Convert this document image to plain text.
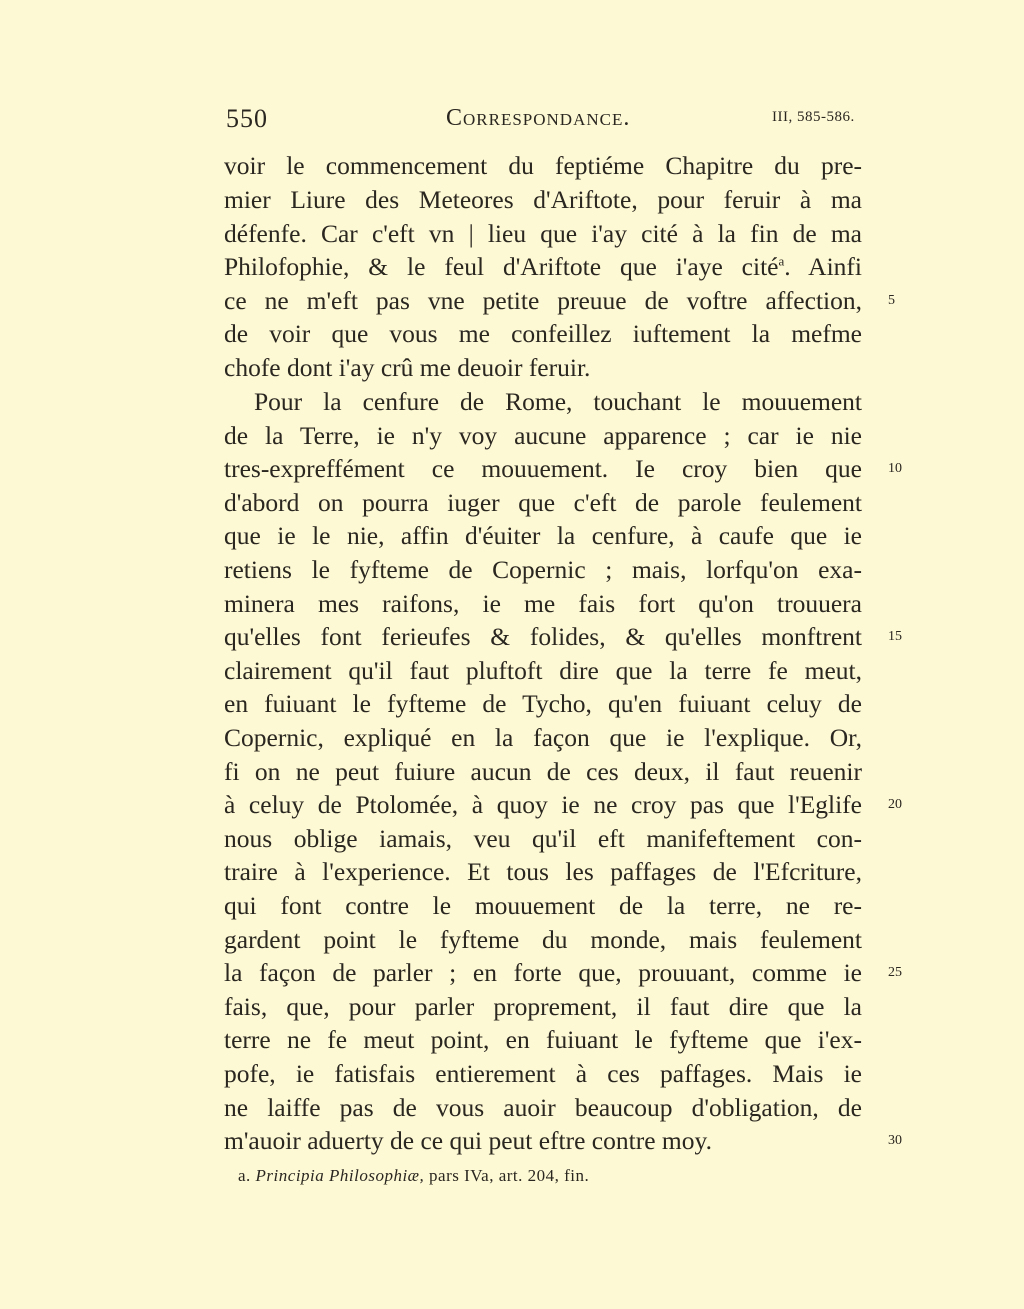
550	Correspondance.	III, 585-586.
voir le commencement du feptiéme Chapitre du pre-
mier Liure des Meteores d'Ariftote, pour feruir à ma
défenfe. Car c'eft vn | lieu que i'ay cité à la fin de ma
Philofophie, & le feul d'Ariftote que i'aye cité$^a$. Ainfi
ce ne m'eft pas vne petite preuue de voftre affection, 5
de voir que vous me confeillez iuftement la mefme
chofe dont i'ay crû me deuoir feruir.
Pour la cenfure de Rome, touchant le mouuement
de la Terre, ie n'y voy aucune apparence ; car ie nie
tres-expreffément ce mouuement. Ie croy bien que 10
d'abord on pourra iuger que c'eft de parole feulement
que ie le nie, affin d'éuiter la cenfure, à caufe que ie
retiens le fyfteme de Copernic ; mais, lorfqu'on exa-
minera mes raifons, ie me fais fort qu'on trouuera
qu'elles font ferieufes & folides, & qu'elles monftrent 15
clairement qu'il faut pluftoft dire que la terre fe meut,
en fuiuant le fyfteme de Tycho, qu'en fuiuant celuy de
Copernic, expliqué en la façon que ie l'explique. Or,
fi on ne peut fuiure aucun de ces deux, il faut reuenir
à celuy de Ptolomée, à quoy ie ne croy pas que l'Eglife 20
nous oblige iamais, veu qu'il eft manifeftement con-
traire à l'experience. Et tous les paffages de l'Efcriture,
qui font contre le mouuement de la terre, ne re-
gardent point le fyfteme du monde, mais feulement
la façon de parler ; en forte que, prouuant, comme ie 25
fais, que, pour parler proprement, il faut dire que la
terre ne fe meut point, en fuiuant le fyfteme que i'ex-
pofe, ie fatisfais entierement à ces paffages. Mais ie
ne laiffe pas de vous auoir beaucoup d'obligation, de
m'auoir aduerty de ce qui peut eftre contre moy.	30
a. Principia Philosophiæ, pars IVa, art. 204, fin.
